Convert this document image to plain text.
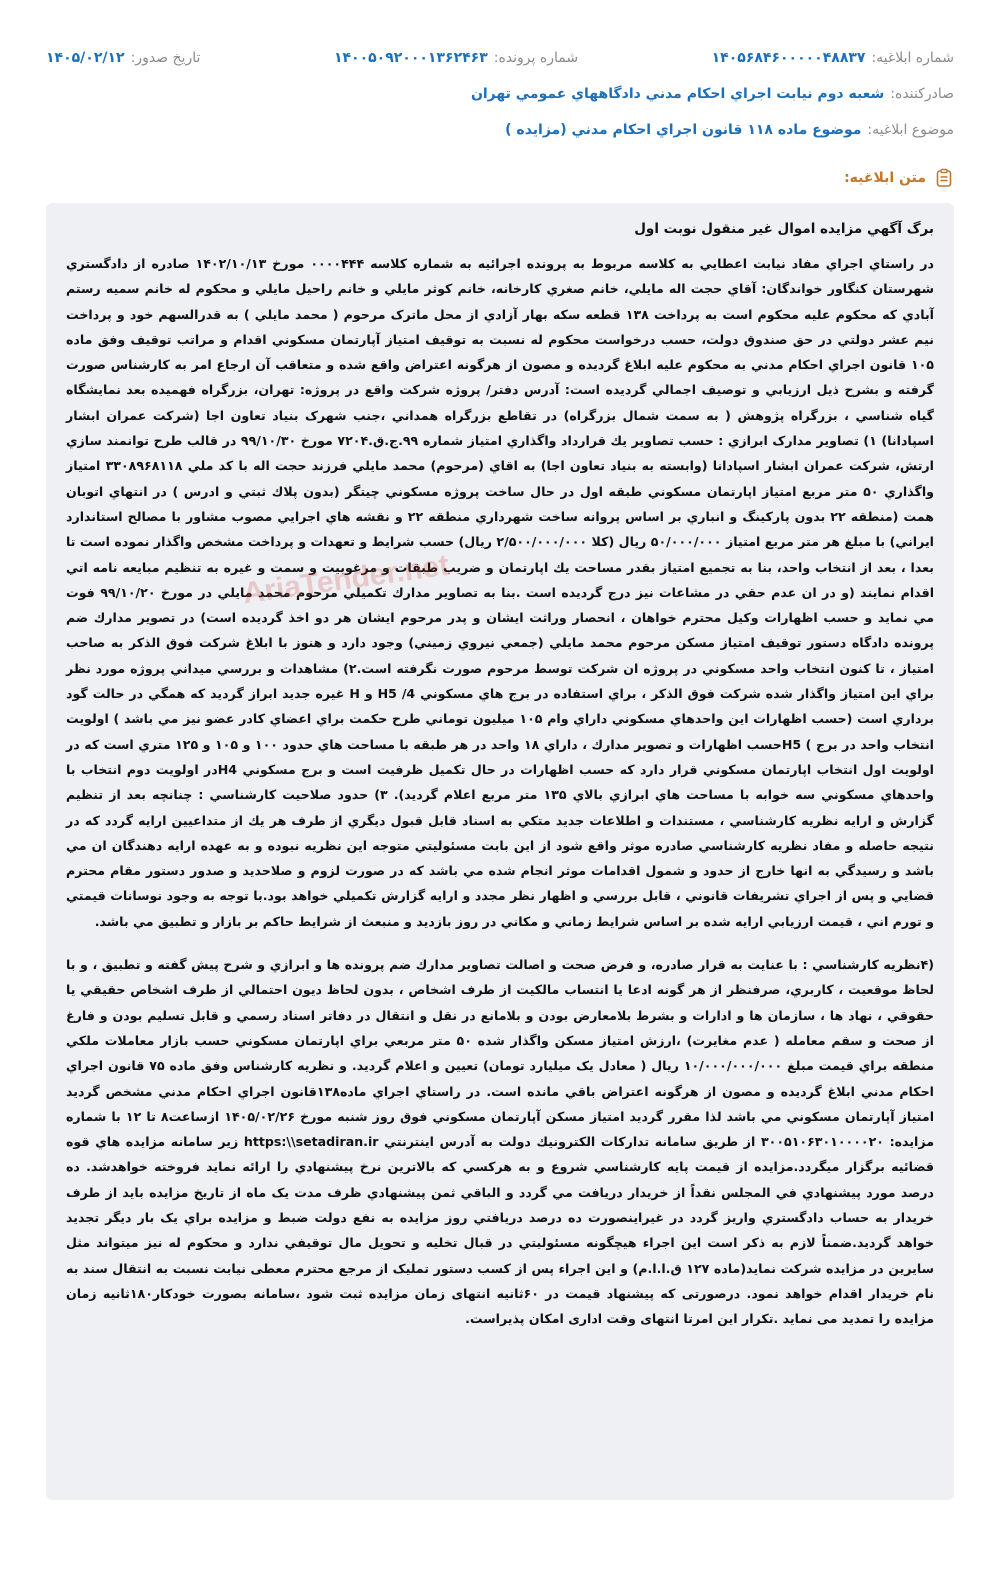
شماره ابلاغيه:
۱۴۰۵۶۸۴۶۰۰۰۰۰۴۸۸۳۷
شماره پرونده:
۱۴۰۰۵۰۹۲۰۰۰۱۳۶۲۴۶۳
تاريخ صدور:
۱۴۰۵/۰۲/۱۲
صادرکننده:
شعبه دوم نيابت اجراي احکام مدني دادگاههاي عمومي تهران
موضوع ابلاغيه:
موضوع ماده ۱۱۸ قانون اجراي احکام مدني (مزايده )
متن ابلاغيه:
برگ آگهي مزايده اموال غير منقول نوبت اول

در راستاي اجراي مفاد نيابت اعطايي به کلاسه مربوط به پرونده اجرائيه به شماره کلاسه ۰۰۰۰۴۴۴ مورخ ۱۴۰۲/۱۰/۱۳ صادره از دادگستري شهرستان کنگاور خواندگان: آقاي حجت اله مايلي، خانم صغري کارخانه، خانم کوثر مايلي و خانم راحيل مايلي و محکوم له خانم سميه رستم آبادي که محکوم عليه محکوم است به پرداخت ۱۳۸ قطعه سکه بهار آزادي از محل ماترک مرحوم ( محمد مايلي ) به قدرالسهم خود و پرداخت نيم عشر دولتي در حق صندوق دولت، حسب درخواست محکوم له نسبت به توقيف امتياز آپارتمان مسکوني اقدام و مراتب توقيف وفق ماده ۱۰۵ قانون اجراي احکام مدني به محکوم عليه ابلاغ گرديده و مصون از هرگونه اعتراض واقع شده و متعاقب آن ارجاع امر به کارشناس صورت گرفته و بشرح ذيل ارزيابي و توصيف اجمالي گرديده است: آدرس دفتر/ پروژه شرکت واقع در پروژه: تهران، بزرگراه فهميده بعد نمايشگاه گياه شناسي ، بزرگراه پژوهش ( به سمت شمال بزرگراه) در تقاطع بزرگراه همداني ،جنب شهرک بنياد تعاون اجا (شرکت عمران ابشار اسپادانا) ۱) تصاوير مدارک ابرازي : حسب تصاوير يك قرارداد واگذاري امتياز شماره ۹۹.ج.ق.۷۲۰۴ مورخ ۹۹/۱۰/۳۰ در قالب طرح توانمند سازي ارتش، شرکت عمران ابشار اسپادانا (وابسته به بنياد تعاون اجا) به اقاي (مرحوم) محمد مايلي فرزند حجت اله با کد ملي ۳۳۰۸۹۶۸۱۱۸ امتياز واگذاري ۵۰ متر مربع امتياز اپارتمان مسکوني طبقه اول در حال ساخت پروژه مسکوني چيتگر (بدون پلاك ثبتي و ادرس ) در انتهاي اتوبان همت (منطقه ۲۲ بدون پارکينگ و انباري بر اساس پروانه ساخت شهرداري منطقه ۲۲ و نقشه هاي اجرايي مصوب مشاور با مصالح استاندارد ايراني) با مبلغ هر متر مربع امتياز ۵۰/۰۰۰/۰۰۰ ريال (کلا ۲/۵۰۰/۰۰۰/۰۰۰ ريال) حسب شرايط و تعهدات و پرداخت مشخص واگذار نموده است تا بعدا ، بعد از انتخاب واحد، بنا به تجميع امتياز بقدر مساحت يك اپارتمان و ضريب طبقات و مرغوبيت و سمت و غيره به تنظيم مبايعه نامه اتي اقدام نمايند (و در ان عدم حقي در مشاعات نيز درج گرديده است .بنا به تصاوير مدارك تكميلي مرحوم محمد مايلي در مورخ ۹۹/۱۰/۲۰ فوت مي نمايد و حسب اظهارات وکيل محترم خواهان ، انحصار وراثت ايشان و پدر مرحوم ايشان هر دو اخذ گرديده است) در تصوير مدارك ضم پرونده دادگاه دستور توقيف امتياز مسكن مرحوم محمد مايلي (جمعي نيروي زميني) وجود دارد و هنوز با ابلاغ شركت فوق الذكر به صاحب امتياز ، تا كنون انتخاب واحد مسكوني در پروژه ان شركت توسط مرحوم صورت نگرفته است.۲) مشاهدات و بررسي ميداني پروژه مورد نظر براي اين امتياز واگذار شده شركت فوق الذكر ، براي استفاده در برج هاي مسكوني H5 /4 و H غيره جديد ابراز گرديد كه همگي در حالت گود برداري است (حسب اظهارات اين واحدهاي مسكوني داراي وام ۱۰۵ ميليون توماني طرح حكمت براي اعضاي كادر عضو نيز مي باشد ) اولويت انتخاب واحد در برج ) H5حسب اظهارات و تصوير مدارك ، داراي ۱۸ واحد در هر طبقه با مساحت هاي حدود ۱۰۰ و ۱۰۵ و ۱۲۵ متري است كه در اولويت اول انتخاب اپارتمان مسكوني قرار دارد كه حسب اظهارات در حال تكميل ظرفيت است و برج مسكوني H4در اولويت دوم انتخاب با واحدهاي مسكوني سه خوابه با مساحت هاي ابرازي بالاي ۱۳۵ متر مربع اعلام گرديد). ۳) حدود صلاحيت كارشناسي : چنانچه بعد از تنظيم گزارش و ارايه نظريه كارشناسي ، مستندات و اطلاعات جديد متكي به اسناد قابل قبول ديگري از طرف هر يك از متداعيين ارايه گردد كه در نتيجه حاصله و مفاد نظريه كارشناسي صادره موثر واقع شود از اين بابت مسئوليتي متوجه اين نظريه نبوده و به عهده ارايه دهندگان ان مي باشد و رسيدگي به انها خارج از حدود و شمول اقدامات موثر انجام شده مي باشد كه در صورت لزوم و صلاحديد و صدور دستور مقام محترم قضايي و پس از اجراي تشريفات قانوني ، قابل بررسي و اظهار نظر مجدد و ارايه گزارش تكميلي خواهد بود.با توجه به وجود نوسانات قيمتي و تورم اني ، قيمت ارزيابي ارايه شده بر اساس شرايط زماني و مكاني در روز بازديد و منبعث از شرايط حاكم بر بازار و تطبيق مي باشد.

(۴نظريه كارشناسي : با عنايت به قرار صادره، و فرض صحت و اصالت تصاوير مدارك ضم پرونده ها و ابرازي و شرح پيش گفته و تطبيق ، و با لحاظ موقعيت ، كاربري، صرفنظر از هر گونه ادعا يا انتساب مالكيت از طرف اشخاص ، بدون لحاظ ديون احتمالي از طرف اشخاص حقيقي يا حقوقي ، نهاد ها ، سازمان ها و ادارات و بشرط بلامعارض بودن و بلامانع در نقل و انتقال در دفاتر اسناد رسمي و قابل تسليم بودن و فارغ از صحت و سقم معامله ( عدم مغايرت) ،ارزش امتياز مسكن واگذار شده ۵۰ متر مربعي براي اپارتمان مسكوني حسب بازار معاملات ملكي منطقه براي قيمت مبلغ ۱۰/۰۰۰/۰۰۰/۰۰۰ ريال ( معادل یک میلیارد تومان) تعيين و اعلام گرديد. و نظريه كارشناس وفق ماده ۷۵ قانون اجراي احكام مدني ابلاغ گرديده و مصون از هرگونه اعتراض باقي مانده است. در راستاي اجراي ماده۱۳۸قانون اجراي احكام مدني مشخص گرديد امتياز آپارتمان مسكوني مي باشد لذا مقرر گرديد امتياز مسكن آپارتمان مسكوني فوق روز شنبه مورخ ۱۴۰۵/۰۲/۲۶ ازساعت۸ تا ۱۲ با شماره مزايده: ۳۰۰۵۱۰۶۳۰۱۰۰۰۰۲۰ از طريق سامانه تداركات الكترونيك دولت به آدرس اينترنتي https:\\setadiran.ir زير سامانه مزايده هاي قوه قضائيه برگزار ميگردد.مزايده از قيمت پايه كارشناسي شروع و به هركسي كه بالاترين نرخ پيشنهادي را ارائه نمايد فروخته خواهدشد. ده درصد مورد پيشنهادي في المجلس نقداً از خريدار دريافت مي گردد و الباقي ثمن پيشنهادي ظرف مدت يک ماه از تاريخ مزايده بايد از طرف خريدار به حساب دادگستري واريز گردد در غيراينصورت ده درصد دريافتي روز مزايده به نفع دولت ضبط و مزايده براي يک بار ديگر تجديد خواهد گرديد.ضمناً لازم به ذکر است اين اجراء هيچگونه مسئوليتي در قبال تخليه و تحويل مال توقيفي ندارد و محکوم له نيز ميتواند مثل سايرين در مزايده شرکت نمايد(ماده ۱۲۷ ق.ا.ا.م) و اين اجراء پس از کسب دستور تمليک از مرجع محترم معطی نيابت نسبت به انتقال سند به نام خريدار اقدام خواهد نمود. درصورتی که پيشنهاد قيمت در ۶۰ثانيه انتهای زمان مزايده ثبت شود ،سامانه بصورت خودکار۱۸۰ثانيه زمان مزايده را تمديد می نمايد .تکرار اين امرتا انتهای وقت اداری امکان پذيراست.

AriaTender.net
